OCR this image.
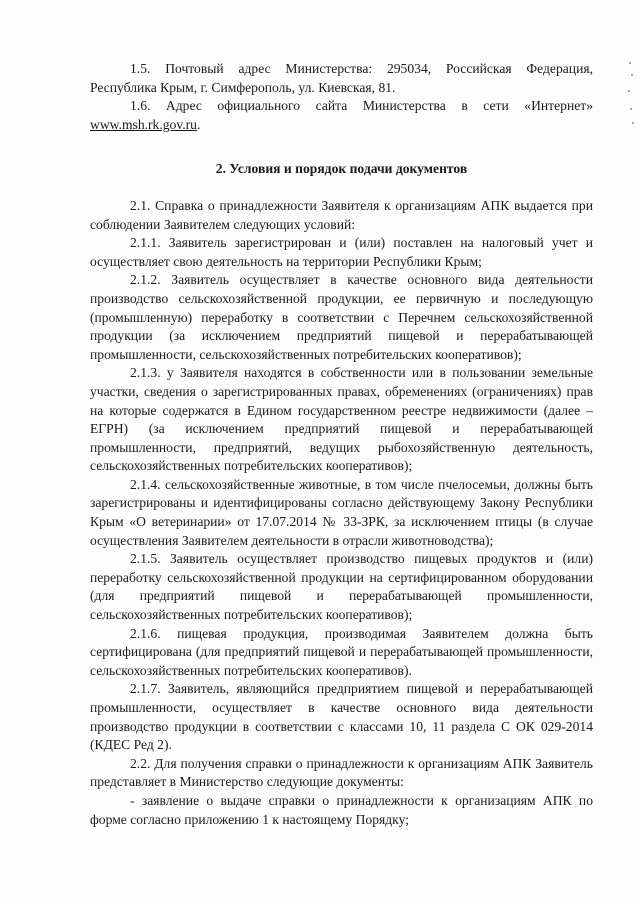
1.5. Почтовый адрес Министерства: 295034, Российская Федерация, Республика Крым, г. Симферополь, ул. Киевская, 81.

1.6. Адрес официального сайта Министерства в сети «Интернет» www.msh.rk.gov.ru.

2. Условия и порядок подачи документов

2.1. Справка о принадлежности Заявителя к организациям АПК выдается при соблюдении Заявителем следующих условий:

2.1.1. Заявитель зарегистрирован и (или) поставлен на налоговый учет и осуществляет свою деятельность на территории Республики Крым;

2.1.2. Заявитель осуществляет в качестве основного вида деятельности производство сельскохозяйственной продукции, ее первичную и последующую (промышленную) переработку в соответствии с Перечнем сельскохозяйственной продукции (за исключением предприятий пищевой и перерабатывающей промышленности, сельскохозяйственных потребительских кооперативов);

2.1.3. у Заявителя находятся в собственности или в пользовании земельные участки, сведения о зарегистрированных правах, обременениях (ограничениях) прав на которые содержатся в Едином государственном реестре недвижимости (далее – ЕГРН) (за исключением предприятий пищевой и перерабатывающей промышленности, предприятий, ведущих рыбохозяйственную деятельность, сельскохозяйственных потребительских кооперативов);

2.1.4. сельскохозяйственные животные, в том числе пчелосемьи, должны быть зарегистрированы и идентифицированы согласно действующему Закону Республики Крым «О ветеринарии» от 17.07.2014 № 33-ЗРК, за исключением птицы (в случае осуществления Заявителем деятельности в отрасли животноводства);

2.1.5. Заявитель осуществляет производство пищевых продуктов и (или) переработку сельскохозяйственной продукции на сертифицированном оборудовании (для предприятий пищевой и перерабатывающей промышленности, сельскохозяйственных потребительских кооперативов);

2.1.6. пищевая продукция, производимая Заявителем должна быть сертифицирована (для предприятий пищевой и перерабатывающей промышленности, сельскохозяйственных потребительских кооперативов).

2.1.7. Заявитель, являющийся предприятием пищевой и перерабатывающей промышленности, осуществляет в качестве основного вида деятельности производство продукции в соответствии с классами 10, 11 раздела С ОК 029-2014 (КДЕС Ред 2).

2.2. Для получения справки о принадлежности к организациям АПК Заявитель представляет в Министерство следующие документы:

- заявление о выдаче справки о принадлежности к организациям АПК по форме согласно приложению 1 к настоящему Порядку;
